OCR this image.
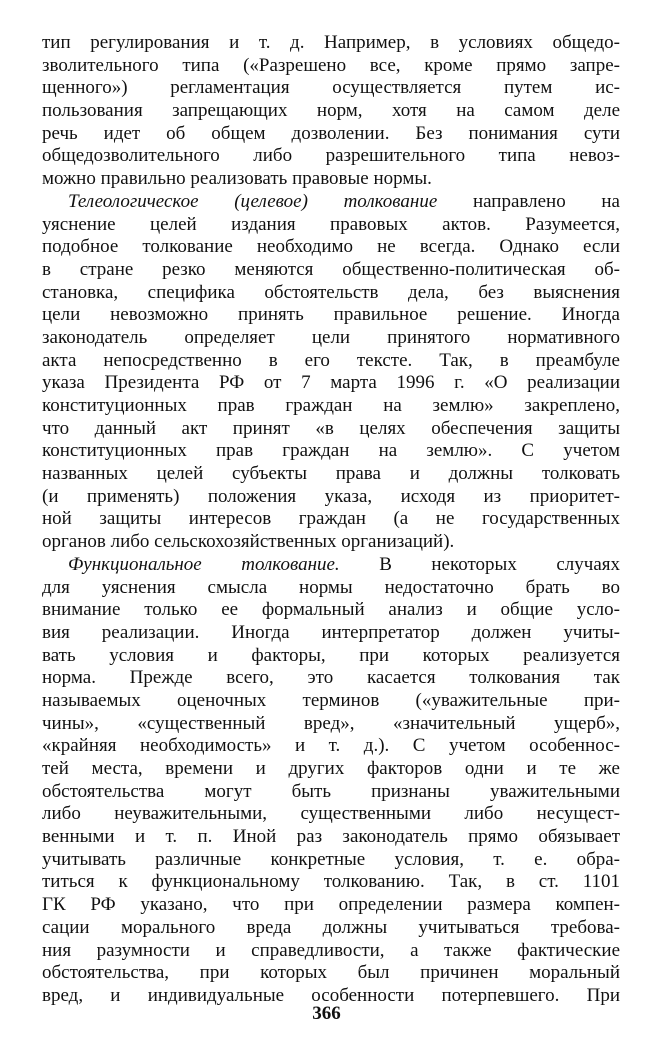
тип регулирования и т. д. Например, в условиях общедо-
зволительного типа («Разрешено все, кроме прямо запре-
щенного») регламентация осуществляется путем ис-
пользования запрещающих норм, хотя на самом деле
речь идет об общем дозволении. Без понимания сути
общедозволительного либо разрешительного типа невоз-
можно правильно реализовать правовые нормы.
Телеологическое (целевое) толкование направлено на
уяснение целей издания правовых актов. Разумеется,
подобное толкование необходимо не всегда. Однако если
в стране резко меняются общественно-политическая об-
становка, специфика обстоятельств дела, без выяснения
цели невозможно принять правильное решение. Иногда
законодатель определяет цели принятого нормативного
акта непосредственно в его тексте. Так, в преамбуле
указа Президента РФ от 7 марта 1996 г. «О реализации
конституционных прав граждан на землю» закреплено,
что данный акт принят «в целях обеспечения защиты
конституционных прав граждан на землю». С учетом
названных целей субъекты права и должны толковать
(и применять) положения указа, исходя из приоритет-
ной защиты интересов граждан (а не государственных
органов либо сельскохозяйственных организаций).
Функциональное толкование. В некоторых случаях
для уяснения смысла нормы недостаточно брать во
внимание только ее формальный анализ и общие усло-
вия реализации. Иногда интерпретатор должен учиты-
вать условия и факторы, при которых реализуется
норма. Прежде всего, это касается толкования так
называемых оценочных терминов («уважительные при-
чины», «существенный вред», «значительный ущерб»,
«крайняя необходимость» и т. д.). С учетом особеннос-
тей места, времени и других факторов одни и те же
обстоятельства могут быть признаны уважительными
либо неуважительными, существенными либо несущест-
венными и т. п. Иной раз законодатель прямо обязывает
учитывать различные конкретные условия, т. е. обра-
титься к функциональному толкованию. Так, в ст. 1101
ГК РФ указано, что при определении размера компен-
сации морального вреда должны учитываться требова-
ния разумности и справедливости, а также фактические
обстоятельства, при которых был причинен моральный
вред, и индивидуальные особенности потерпевшего. При
366
